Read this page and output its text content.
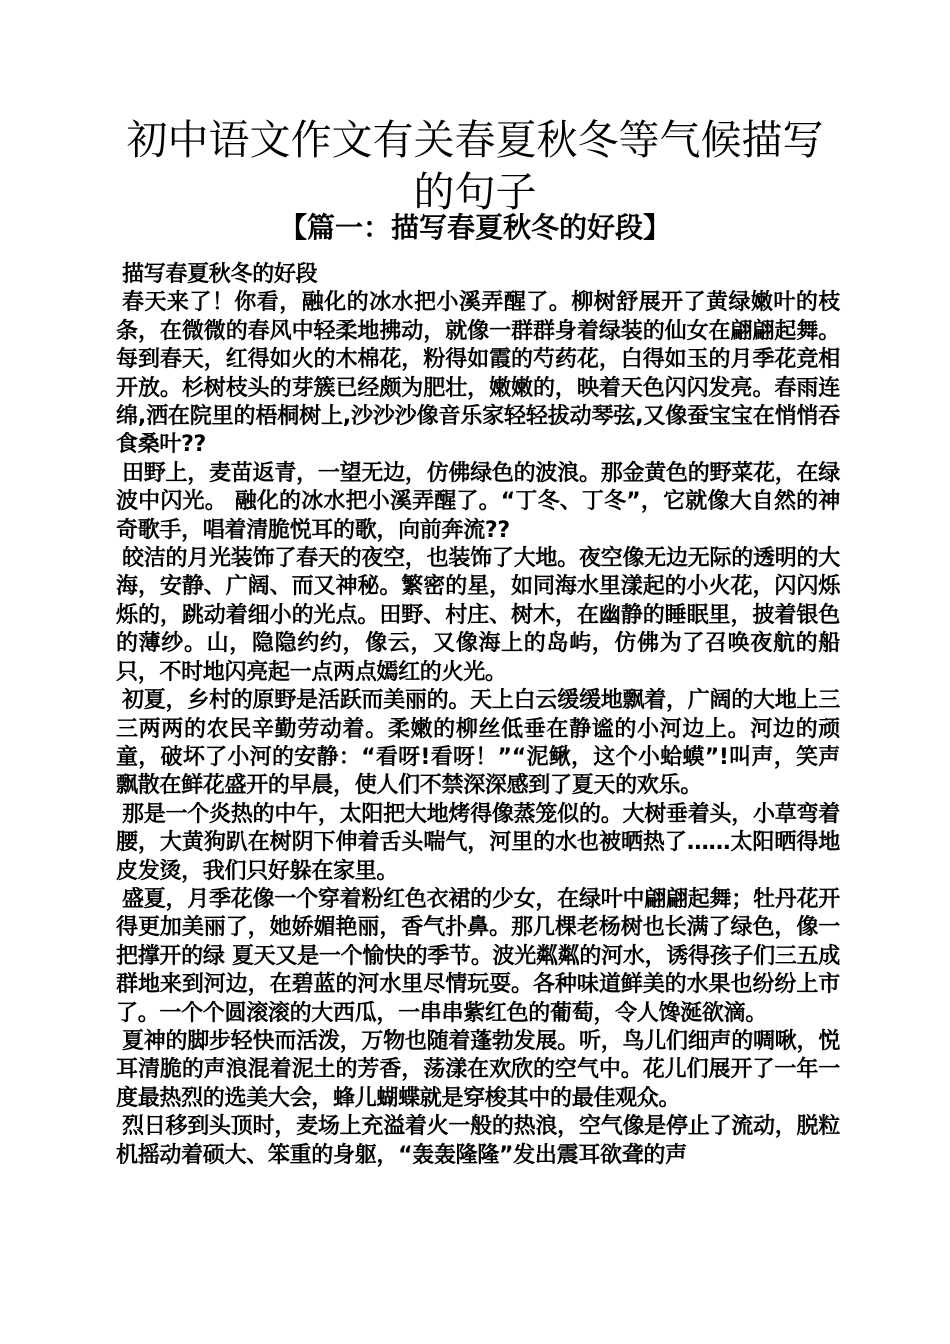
初中语文作文有关春夏秋冬等气候描写的句子
【篇一：描写春夏秋冬的好段】

描写春夏秋冬的好段

春天来了！你看，融化的冰水把小溪弄醒了。柳树舒展开了黄绿嫩叶的枝条，在微微的春风中轻柔地拂动，就像一群群身着绿装的仙女在翩翩起舞。每到春天，红得如火的木棉花，粉得如霞的芍药花，白得如玉的月季花竞相开放。杉树枝头的芽簇已经颇为肥壮，嫩嫩的，映着天色闪闪发亮。春雨连绵,洒在院里的梧桐树上,沙沙沙像音乐家轻轻拔动琴弦,又像蚕宝宝在悄悄吞食桑叶??

田野上，麦苗返青，一望无边，仿佛绿色的波浪。那金黄色的野菜花，在绿波中闪光。 融化的冰水把小溪弄醒了。“丁冬、丁冬”，它就像大自然的神奇歌手，唱着清脆悦耳的歌，向前奔流??

皎洁的月光装饰了春天的夜空，也装饰了大地。夜空像无边无际的透明的大海，安静、广阔、而又神秘。繁密的星，如同海水里漾起的小火花，闪闪烁烁的，跳动着细小的光点。田野、村庄、树木，在幽静的睡眠里，披着银色的薄纱。山，隐隐约约，像云，又像海上的岛屿，仿佛为了召唤夜航的船只，不时地闪亮起一点两点嫣红的火光。

初夏，乡村的原野是活跃而美丽的。天上白云缓缓地飘着，广阔的大地上三三两两的农民辛勤劳动着。柔嫩的柳丝低垂在静谧的小河边上。河边的顽童，破坏了小河的安静：“看呀!看呀！”“泥鳅，这个小蛤蟆”!叫声，笑声飘散在鲜花盛开的早晨，使人们不禁深深感到了夏天的欢乐。

那是一个炎热的中午，太阳把大地烤得像蒸笼似的。大树垂着头，小草弯着腰，大黄狗趴在树阴下伸着舌头喘气，河里的水也被晒热了……太阳晒得地皮发烫，我们只好躲在家里。

盛夏，月季花像一个穿着粉红色衣裙的少女，在绿叶中翩翩起舞；牡丹花开得更加美丽了，她娇媚艳丽，香气扑鼻。那几棵老杨树也长满了绿色，像一把撑开的绿 夏天又是一个愉快的季节。波光粼粼的河水，诱得孩子们三五成群地来到河边，在碧蓝的河水里尽情玩耍。各种味道鲜美的水果也纷纷上市了。一个个圆滚滚的大西瓜，一串串紫红色的葡萄，令人馋涎欲滴。

夏神的脚步轻快而活泼，万物也随着蓬勃发展。听，鸟儿们细声的啁啾，悦耳清脆的声浪混着泥土的芳香，荡漾在欢欣的空气中。花儿们展开了一年一度最热烈的选美大会，蜂儿蝴蝶就是穿梭其中的最佳观众。

烈日移到头顶时，麦场上充溢着火一般的热浪，空气像是停止了流动，脱粒机摇动着硕大、笨重的身躯，“轰轰隆隆”发出震耳欲聋的声
